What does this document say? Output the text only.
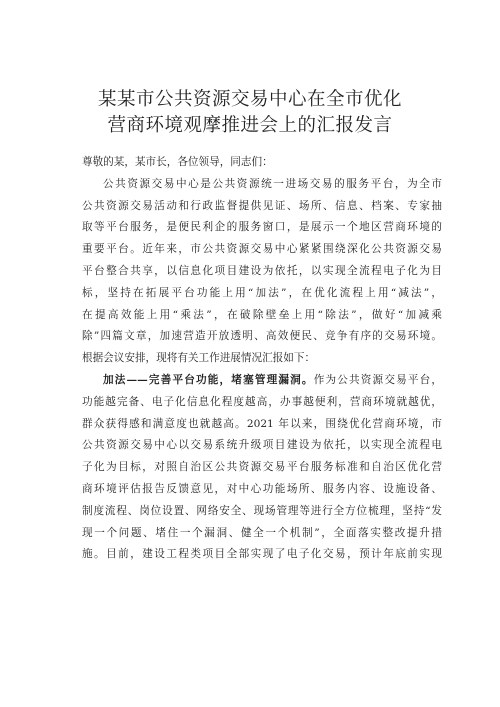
某某市公共资源交易中心在全市优化
营商环境观摩推进会上的汇报发言
尊敬的某，某市长，各位领导，同志们：
公共资源交易中心是公共资源统一进场交易的服务平台，为全市
公共资源交易活动和行政监督提供见证、场所、信息、档案、专家抽
取等平台服务，是便民利企的服务窗口，是展示一个地区营商环境的
重要平台。近年来，市公共资源交易中心紧紧围绕深化公共资源交易
平台整合共享，以信息化项目建设为依托，以实现全流程电子化为目
标，坚持在拓展平台功能上用“加法”，在优化流程上用“减法”，
在提高效能上用“乘法”，在破除壁垒上用“除法”，做好“加减乘
除”四篇文章，加速营造开放透明、高效便民、竞争有序的交易环境。
根据会议安排，现将有关工作进展情况汇报如下：
加法——完善平台功能，堵塞管理漏洞。作为公共资源交易平台，
功能越完备、电子化信息化程度越高，办事越便利，营商环境就越优，
群众获得感和满意度也就越高。2021 年以来，围绕优化营商环境，市
公共资源交易中心以交易系统升级项目建设为依托，以实现全流程电
子化为目标，对照自治区公共资源交易平台服务标准和自治区优化营
商环境评估报告反馈意见，对中心功能场所、服务内容、设施设备、
制度流程、岗位设置、网络安全、现场管理等进行全方位梳理，坚持“发
现一个问题、堵住一个漏洞、健全一个机制”，全面落实整改提升措
施。目前，建设工程类项目全部实现了电子化交易，预计年底前实现
